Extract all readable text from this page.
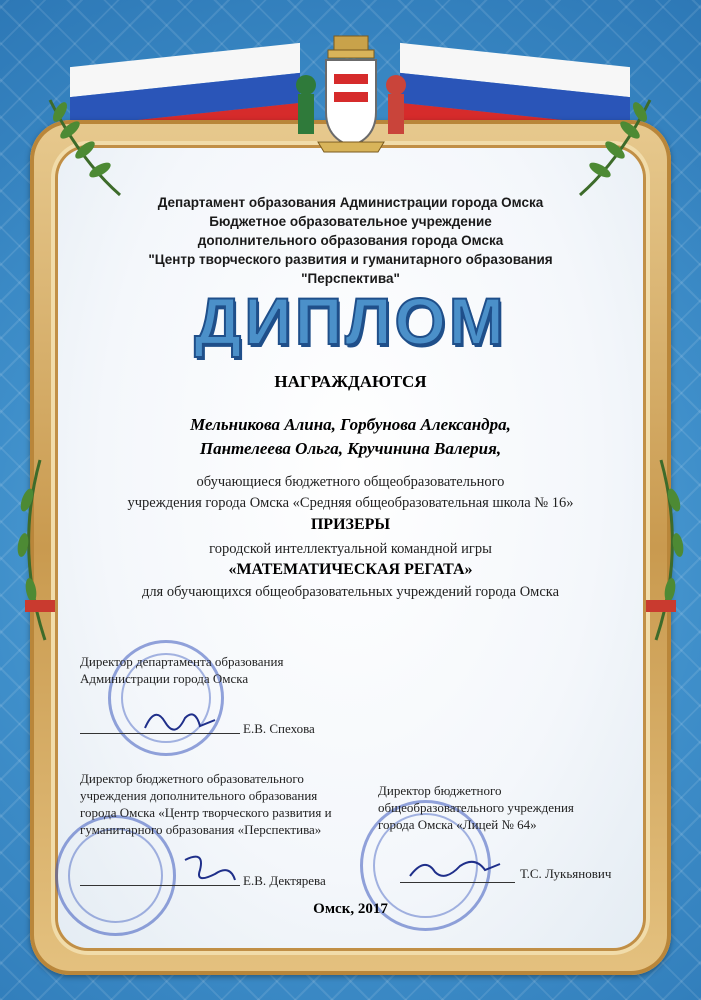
Департамент образования Администрации города Омска
Бюджетное образовательное учреждение
дополнительного образования города Омска
"Центр творческого развития и гуманитарного образования
"Перспектива"
ДИПЛОМ
НАГРАЖДАЮТСЯ
Мельникова Алина, Горбунова Александра,
Пантелеева Ольга, Кручинина Валерия,
обучающиеся бюджетного общеобразовательного
учреждения города Омска «Средняя общеобразовательная школа № 16»
ПРИЗЕРЫ
городской интеллектуальной командной игры
«МАТЕМАТИЧЕСКАЯ РЕГАТА»
для обучающихся общеобразовательных учреждений города Омска
Директор департамента образования
Администрации города Омска
Е.В. Спехова
Директор бюджетного образовательного
учреждения дополнительного образования
города Омска «Центр творческого развития и
гуманитарного образования «Перспектива»
Е.В. Дектярева
Директор бюджетного
общеобразовательного учреждения
города Омска «Лицей № 64»
Т.С. Лукьянович
Омск, 2017
